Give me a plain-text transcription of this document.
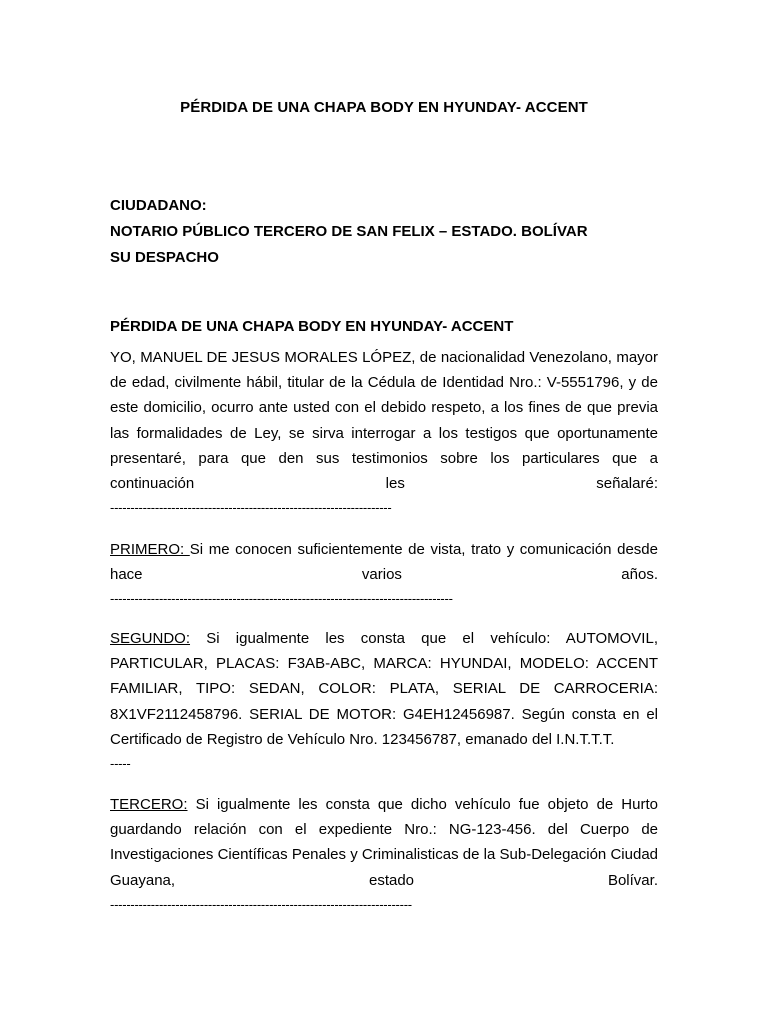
PÉRDIDA DE UNA CHAPA BODY EN HYUNDAY- ACCENT
CIUDADANO:
NOTARIO PÚBLICO TERCERO DE SAN FELIX – ESTADO. BOLÍVAR
SU DESPACHO
PÉRDIDA DE UNA CHAPA BODY EN HYUNDAY- ACCENT
YO, MANUEL DE JESUS MORALES LÓPEZ, de nacionalidad Venezolano, mayor de edad, civilmente hábil, titular de la Cédula de Identidad Nro.: V-5551796, y de este domicilio, ocurro ante usted con el debido respeto, a los fines de que previa las formalidades de Ley, se sirva interrogar a los testigos que oportunamente presentaré, para que den sus testimonios sobre los particulares que a continuación les señalaré:
---------------------------------------------------------------------
PRIMERO: Si me conocen suficientemente de vista, trato y comunicación desde hace varios años.
------------------------------------------------------------------------------------
SEGUNDO: Si igualmente les consta que el vehículo: AUTOMOVIL, PARTICULAR, PLACAS: F3AB-ABC, MARCA: HYUNDAI, MODELO: ACCENT FAMILIAR, TIPO: SEDAN, COLOR: PLATA, SERIAL DE CARROCERIA: 8X1VF2112458796. SERIAL DE MOTOR: G4EH12456987. Según consta en el Certificado de Registro de Vehículo Nro. 123456787, emanado del I.N.T.T.T.
-----
TERCERO: Si igualmente les consta que dicho vehículo fue objeto de Hurto guardando relación con el expediente Nro.: NG-123-456. del Cuerpo de Investigaciones Científicas Penales y Criminalisticas de la Sub-Delegación Ciudad Guayana, estado Bolívar.
--------------------------------------------------------------------------
